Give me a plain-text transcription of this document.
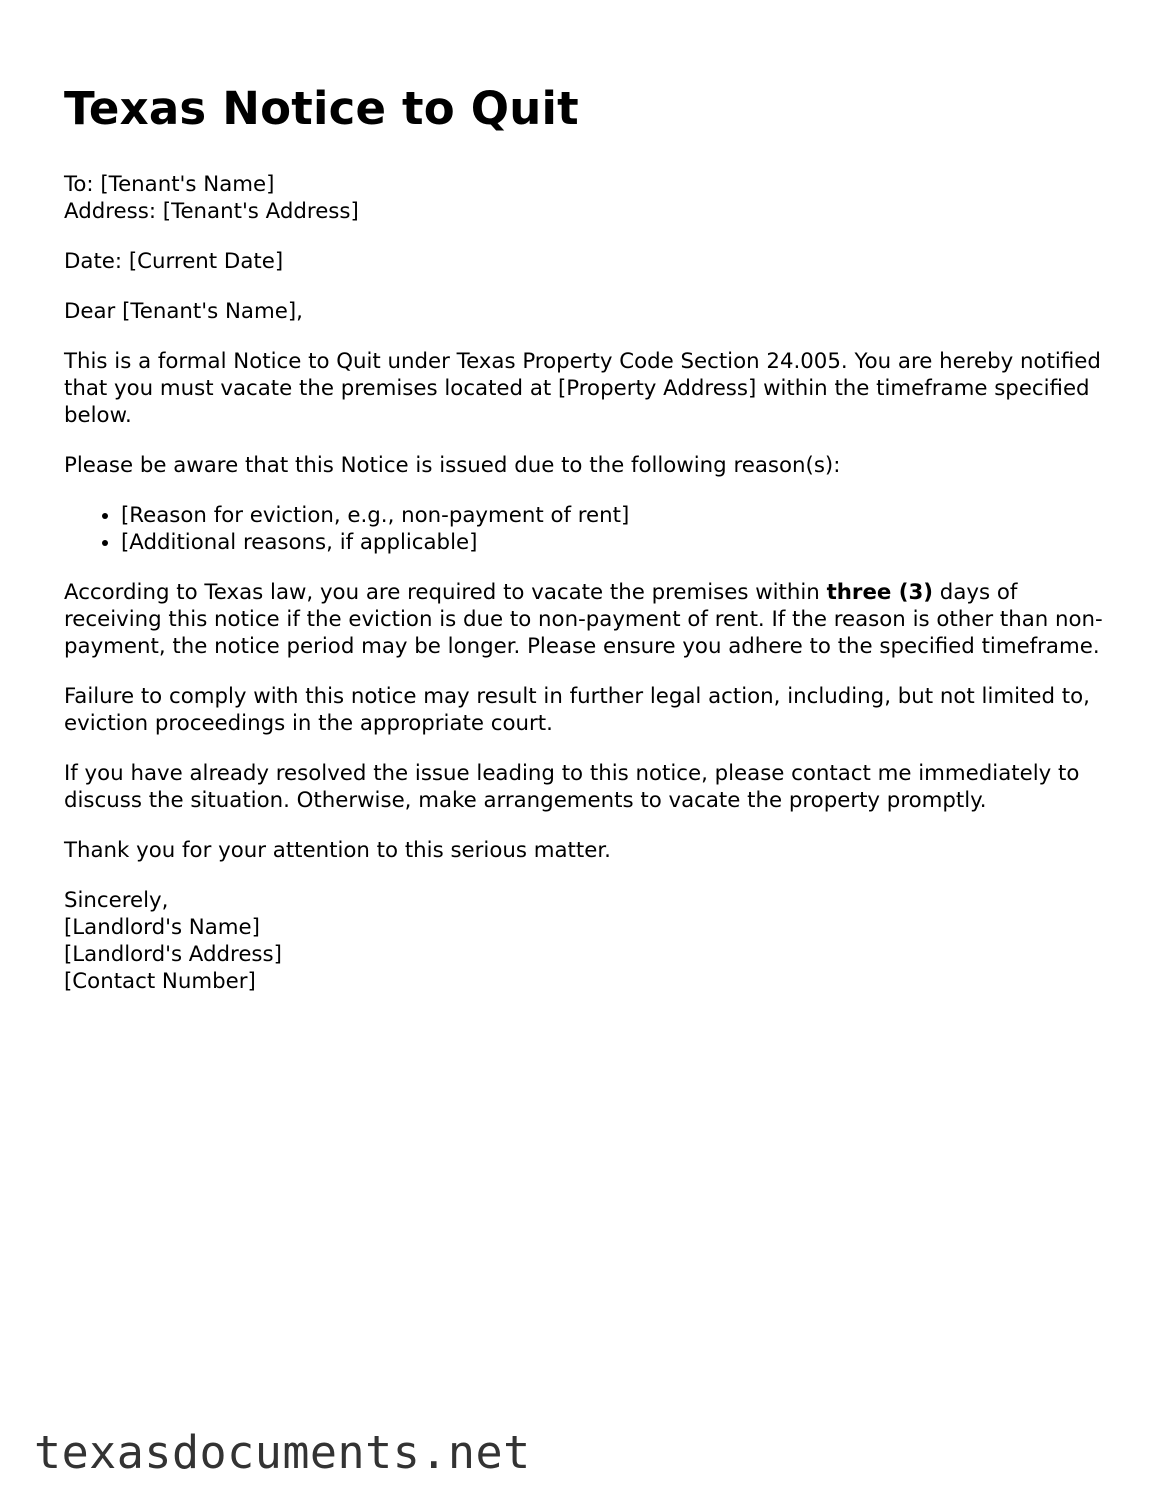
Texas Notice to Quit

To: [Tenant's Name]
Address: [Tenant's Address]

Date: [Current Date]

Dear [Tenant's Name],

This is a formal Notice to Quit under Texas Property Code Section 24.005. You are hereby notified that you must vacate the premises located at [Property Address] within the timeframe specified below.

Please be aware that this Notice is issued due to the following reason(s):

• [Reason for eviction, e.g., non-payment of rent]
• [Additional reasons, if applicable]

According to Texas law, you are required to vacate the premises within three (3) days of receiving this notice if the eviction is due to non-payment of rent. If the reason is other than non-payment, the notice period may be longer. Please ensure you adhere to the specified timeframe.

Failure to comply with this notice may result in further legal action, including, but not limited to, eviction proceedings in the appropriate court.

If you have already resolved the issue leading to this notice, please contact me immediately to discuss the situation. Otherwise, make arrangements to vacate the property promptly.

Thank you for your attention to this serious matter.

Sincerely,
[Landlord's Name]
[Landlord's Address]
[Contact Number]

texasdocuments.net
